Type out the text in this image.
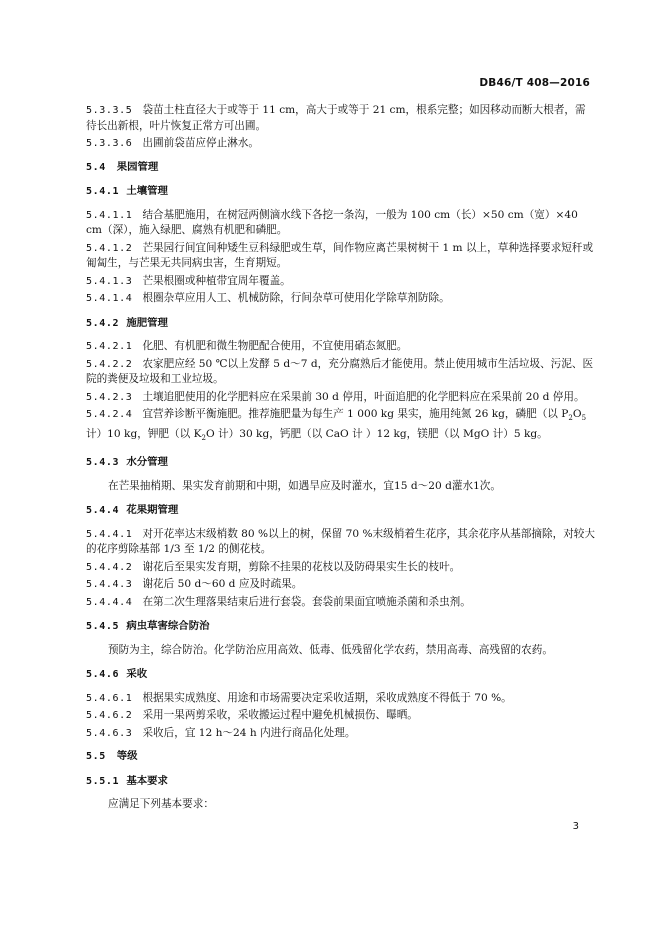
DB46/T 408—2016

5.3.3.5 袋苗土柱直径大于或等于 11 cm，高大于或等于 21 cm，根系完整；如因移动而断大根者，需待长出新根，叶片恢复正常方可出圃。

5.3.3.6 出圃前袋苗应停止淋水。

5.4 果园管理

5.4.1 土壤管理

5.4.1.1 结合基肥施用，在树冠两侧滴水线下各挖一条沟，一般为 100 cm（长）×50 cm（宽）×40 cm（深），施入绿肥、腐熟有机肥和磷肥。

5.4.1.2 芒果园行间宜间种矮生豆科绿肥或生草，间作物应离芒果树树干 1 m 以上，草种选择要求短秆或匍匐生，与芒果无共同病虫害，生育期短。

5.4.1.3 芒果根圈或种植带宜周年覆盖。

5.4.1.4 根圈杂草应用人工、机械防除，行间杂草可使用化学除草剂防除。

5.4.2 施肥管理

5.4.2.1 化肥、有机肥和微生物肥配合使用，不宜使用硝态氮肥。

5.4.2.2 农家肥应经 50 ℃以上发酵 5 d～7 d，充分腐熟后才能使用。禁止使用城市生活垃圾、污泥、医院的粪便及垃圾和工业垃圾。

5.4.2.3 土壤追肥使用的化学肥料应在采果前 30 d 停用，叶面追肥的化学肥料应在采果前 20 d 停用。

5.4.2.4 宜营养诊断平衡施肥。推荐施肥量为每生产 1 000 kg 果实，施用纯氮 26 kg，磷肥（以 $P_2O_5$ 计）10 kg，钾肥（以 $K_2O$ 计）30 kg，钙肥（以 CaO 计 ）12 kg，镁肥（以 MgO 计）5 kg。

5.4.3 水分管理

在芒果抽梢期、果实发育前期和中期，如遇旱应及时灌水，宜15 d～20 d灌水1次。

5.4.4 花果期管理

5.4.4.1 对开花率达末级梢数 80 %以上的树，保留 70 %末级梢着生花序，其余花序从基部摘除，对较大的花序剪除基部 1/3 至 1/2 的侧花枝。

5.4.4.2 谢花后至果实发育期，剪除不挂果的花枝以及防碍果实生长的枝叶。

5.4.4.3 谢花后 50 d～60 d 应及时疏果。

5.4.4.4 在第二次生理落果结束后进行套袋。套袋前果面宜喷施杀菌和杀虫剂。

5.4.5 病虫草害综合防治

预防为主，综合防治。化学防治应用高效、低毒、低残留化学农药，禁用高毒、高残留的农药。

5.4.6 采收

5.4.6.1 根据果实成熟度、用途和市场需要决定采收适期，采收成熟度不得低于 70 %。

5.4.6.2 采用一果两剪采收，采收搬运过程中避免机械损伤、曝晒。

5.4.6.3 采收后，宜 12 h～24 h 内进行商品化处理。

5.5 等级

5.5.1 基本要求

应满足下列基本要求：

3
